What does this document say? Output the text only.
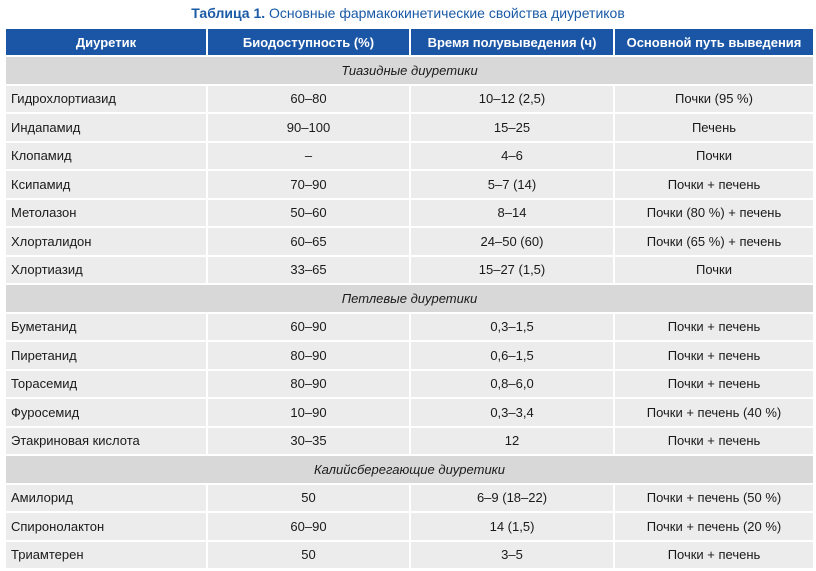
Таблица 1. Основные фармакокинетические свойства диуретиков
Диуретик	Биодоступность (%)	Время полувыведения (ч)	Основной путь выведения
Тиазидные диуретики			
Гидрохлортиазид	60–80	10–12 (2,5)	Почки (95 %)
Индапамид	90–100	15–25	Печень
Клопамид	–	4–6	Почки
Ксипамид	70–90	5–7 (14)	Почки + печень
Метолазон	50–60	8–14	Почки (80 %) + печень
Хлорталидон	60–65	24–50 (60)	Почки (65 %) + печень
Хлортиазид	33–65	15–27 (1,5)	Почки
Петлевые диуретики			
Буметанид	60–90	0,3–1,5	Почки + печень
Пиретанид	80–90	0,6–1,5	Почки + печень
Торасемид	80–90	0,8–6,0	Почки + печень
Фуросемид	10–90	0,3–3,4	Почки + печень (40 %)
Этакриновая кислота	30–35	12	Почки + печень
Калийсберегающие диуретики			
Амилорид	50	6–9 (18–22)	Почки + печень (50 %)
Спиронолактон	60–90	14 (1,5)	Почки + печень (20 %)
Триамтерен	50	3–5	Почки + печень
